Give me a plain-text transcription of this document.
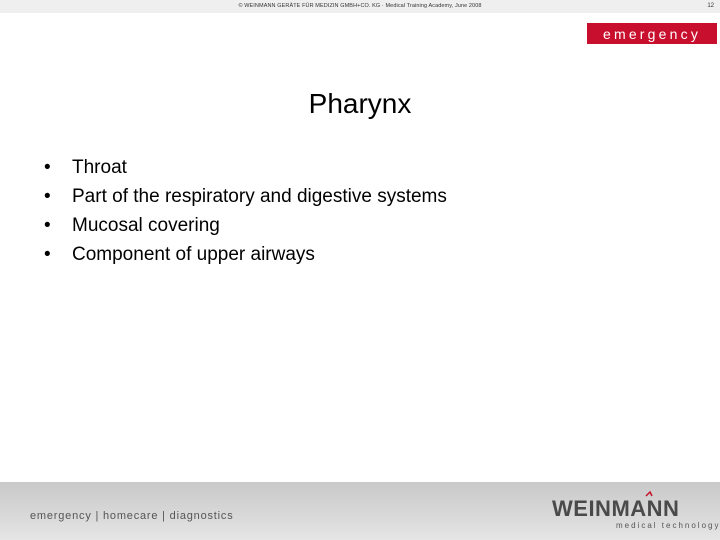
© WEINMANN GERÄTE FÜR MEDIZIN GMBH+CO. KG · Medical Training Academy, June 2008	12
emergency
Pharynx
•	Throat
•	Part of the respiratory and digestive systems
•	Mucosal covering
•	Component of upper airways
emergency | homecare | diagnostics	WEINMANN
medical technology
